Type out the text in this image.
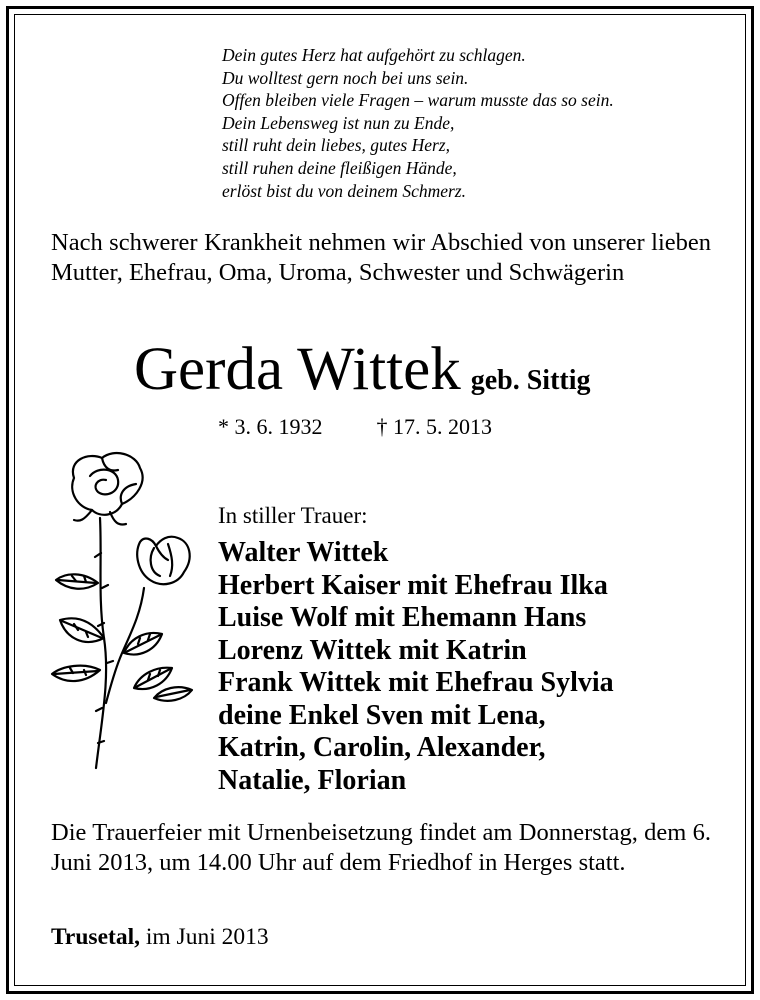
Dein gutes Herz hat aufgehört zu schlagen.
Du wolltest gern noch bei uns sein.
Offen bleiben viele Fragen – warum musste das so sein.
Dein Lebensweg ist nun zu Ende,
still ruht dein liebes, gutes Herz,
still ruhen deine fleißigen Hände,
erlöst bist du von deinem Schmerz.
Nach schwerer Krankheit nehmen wir Abschied von unserer lieben Mutter, Ehefrau, Oma, Uroma, Schwester und Schwägerin
Gerda Wittek geb. Sittig
* 3. 6. 1932 † 17. 5. 2013
In stiller Trauer:
Walter Wittek
Herbert Kaiser mit Ehefrau Ilka
Luise Wolf mit Ehemann Hans
Lorenz Wittek mit Katrin
Frank Wittek mit Ehefrau Sylvia
deine Enkel Sven mit Lena,
Katrin, Carolin, Alexander,
Natalie, Florian
Die Trauerfeier mit Urnenbeisetzung findet am Donnerstag, dem 6. Juni 2013, um 14.00 Uhr auf dem Friedhof in Herges statt.
Trusetal, im Juni 2013
